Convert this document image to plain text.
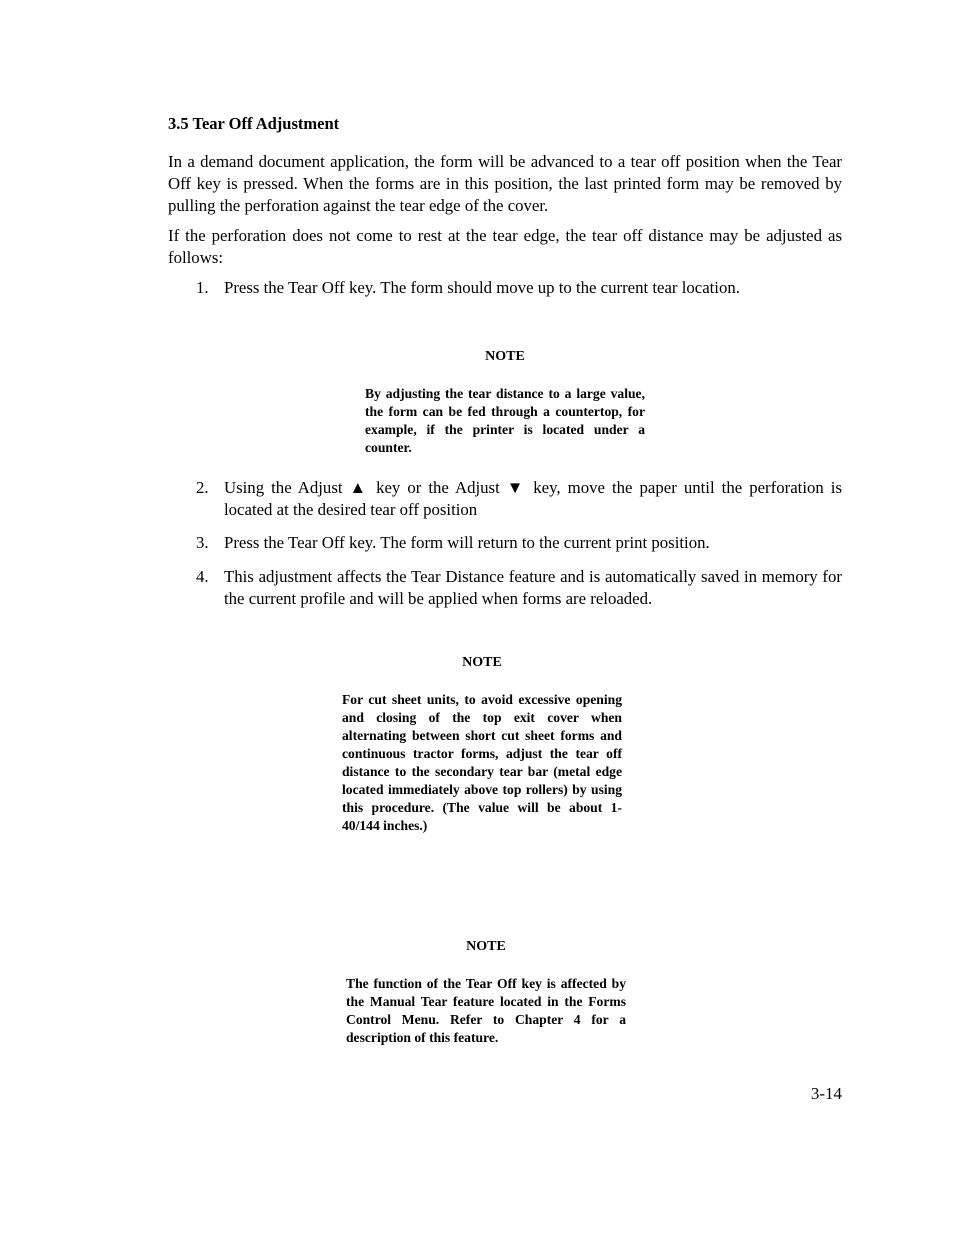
3.5 Tear Off Adjustment

In a demand document application, the form will be advanced to a tear off position when the Tear Off key is pressed. When the forms are in this position, the last printed form may be removed by pulling the perforation against the tear edge of the cover.

If the perforation does not come to rest at the tear edge, the tear off distance may be adjusted as follows:

1. Press the Tear Off key. The form should move up to the current tear location.
NOTE

By adjusting the tear distance to a large value, the form can be fed through a countertop, for example, if the printer is located under a counter.

2. Using the Adjust ▲ key or the Adjust ▼ key, move the paper until the perforation is located at the desired tear off position
3. Press the Tear Off key. The form will return to the current print position.
4. This adjustment affects the Tear Distance feature and is automatically saved in memory for the current profile and will be applied when forms are reloaded.
NOTE

For cut sheet units, to avoid excessive opening and closing of the top exit cover when alternating between short cut sheet forms and continuous tractor forms, adjust the tear off distance to the secondary tear bar (metal edge located immediately above top rollers) by using this procedure. (The value will be about 1-40/144 inches.)

NOTE

The function of the Tear Off key is affected by the Manual Tear feature located in the Forms Control Menu. Refer to Chapter 4 for a description of this feature.

3-14
